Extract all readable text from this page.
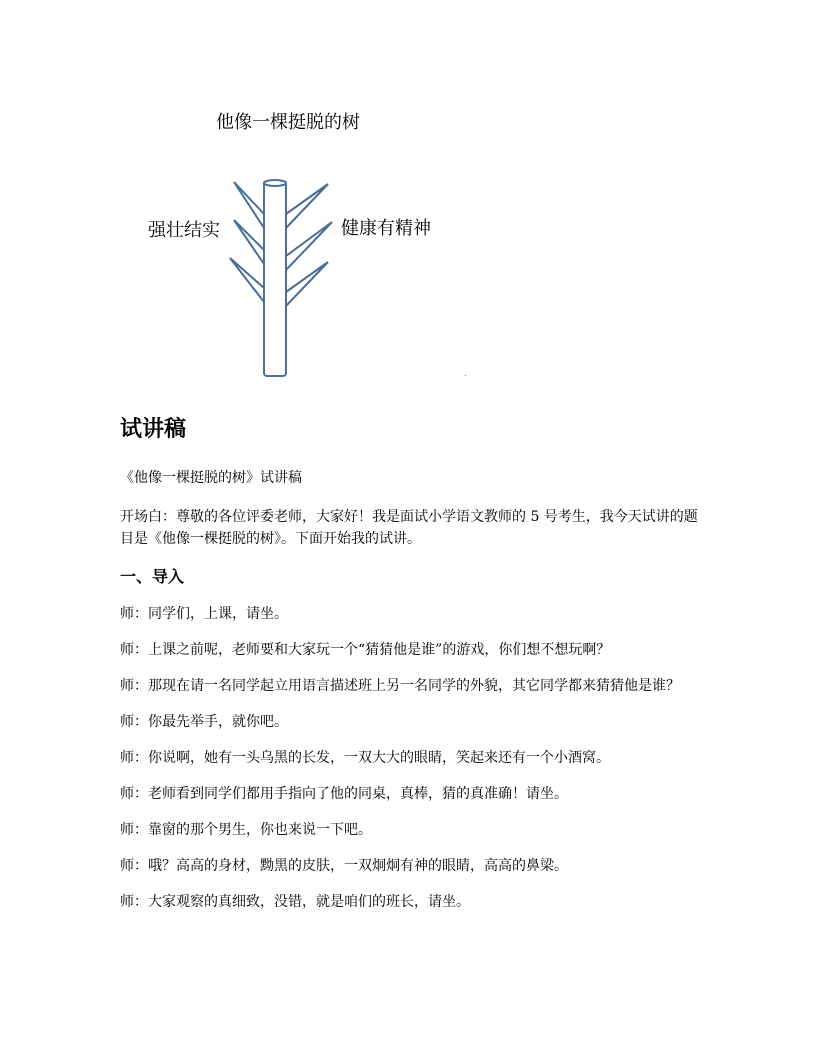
他像一棵挺脱的树
强壮结实	健康有精神
试讲稿
《他像一棵挺脱的树》试讲稿
开场白：尊敬的各位评委老师，大家好！我是面试小学语文教师的 5 号考生，我今天试讲的题目是《他像一棵挺脱的树》。下面开始我的试讲。
一、导入
师：同学们，上课，请坐。
师：上课之前呢，老师要和大家玩一个“猜猜他是谁”的游戏，你们想不想玩啊？
师：那现在请一名同学起立用语言描述班上另一名同学的外貌，其它同学都来猜猜他是谁？
师：你最先举手，就你吧。
师：你说啊，她有一头乌黑的长发，一双大大的眼睛，笑起来还有一个小酒窝。
师：老师看到同学们都用手指向了他的同桌，真棒，猜的真准确！请坐。
师：靠窗的那个男生，你也来说一下吧。
师：哦？高高的身材，黝黑的皮肤，一双炯炯有神的眼睛，高高的鼻梁。
师：大家观察的真细致，没错，就是咱们的班长，请坐。
